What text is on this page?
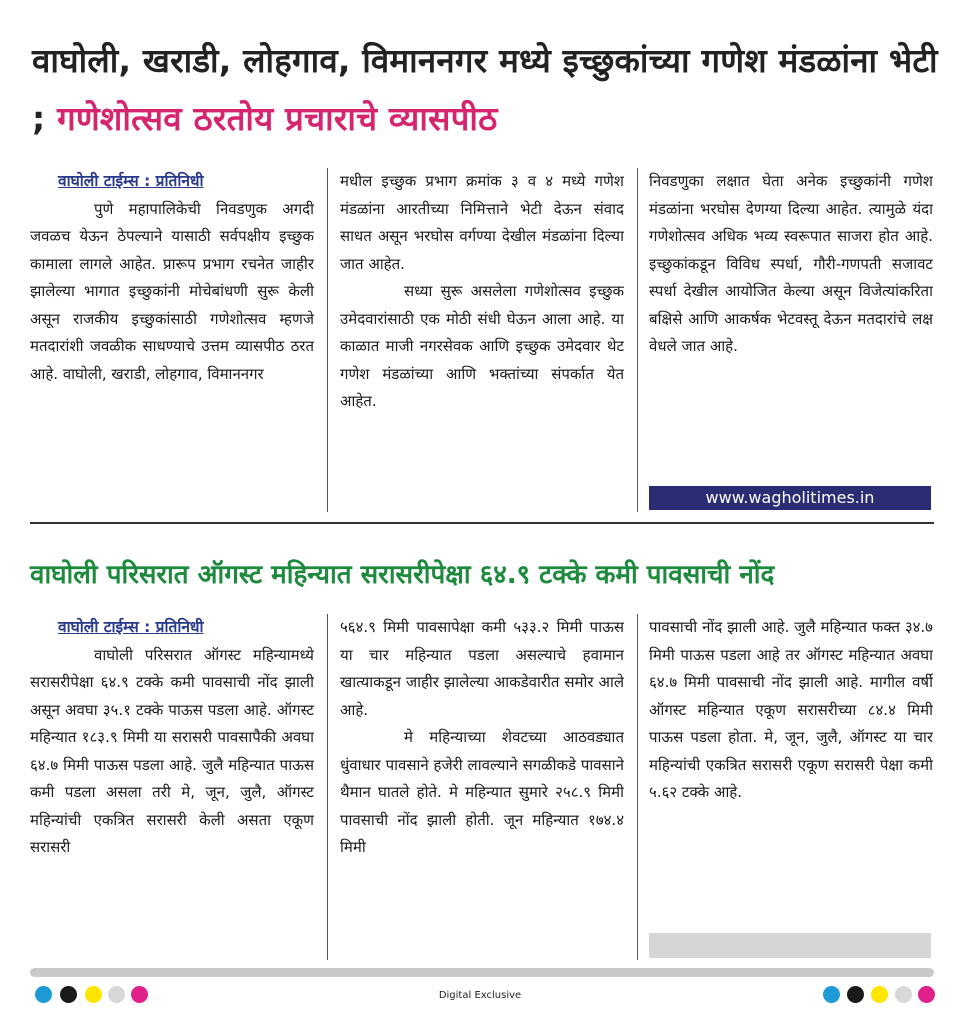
वाघोली, खराडी, लोहगाव, विमाननगर मध्ये इच्छुकांच्या गणेश मंडळांना भेटी ; गणेशोत्सव ठरतोय प्रचाराचे व्यासपीठ
वाघोली टाईम्स : प्रतिनिधी

पुणे महापालिकेची निवडणुक अगदी जवळच येऊन ठेपल्याने यासाठी सर्वपक्षीय इच्छुक कामाला लागले आहेत. प्रारूप प्रभाग रचनेत जाहीर झालेल्या भागात इच्छुकांनी मोचेबांधणी सुरू केली असून राजकीय इच्छुकांसाठी गणेशोत्सव म्हणजे मतदारांशी जवळीक साधण्याचे उत्तम व्यासपीठ ठरत आहे. वाघोली, खराडी, लोहगाव, विमाननगर

मधील इच्छुक प्रभाग क्रमांक ३ व ४ मध्ये गणेश मंडळांना आरतीच्या निमित्ताने भेटी देऊन संवाद साधत असून भरघोस वर्गण्या देखील मंडळांना दिल्या जात आहेत.

सध्या सुरू असलेला गणेशोत्सव इच्छुक उमेदवारांसाठी एक मोठी संधी घेऊन आला आहे. या काळात माजी नगरसेवक आणि इच्छुक उमेदवार थेट गणेश मंडळांच्या आणि भक्तांच्या संपर्कात येत आहेत.

निवडणुका लक्षात घेता अनेक इच्छुकांनी गणेश मंडळांना भरघोस देणग्या दिल्या आहेत. त्यामुळे यंदा गणेशोत्सव अधिक भव्य स्वरूपात साजरा होत आहे. इच्छुकांकडून विविध स्पर्धा, गौरी-गणपती सजावट स्पर्धा देखील आयोजित केल्या असून विजेत्यांकरिता बक्षिसे आणि आकर्षक भेटवस्तू देऊन मतदारांचे लक्ष वेधले जात आहे.

www.wagholitimes.in
वाघोली परिसरात ऑगस्ट महिन्यात सरासरीपेक्षा ६४.९ टक्के कमी पावसाची नोंद
वाघोली टाईम्स : प्रतिनिधी

वाघोली परिसरात ऑगस्ट महिन्यामध्ये सरासरीपेक्षा ६४.९ टक्के कमी पावसाची नोंद झाली असून अवघा ३५.१ टक्के पाऊस पडला आहे. ऑगस्ट महिन्यात १८३.९ मिमी या सरासरी पावसापैकी अवघा ६४.७ मिमी पाऊस पडला आहे. जुलै महिन्यात पाऊस कमी पडला असला तरी मे, जून, जुलै, ऑगस्ट महिन्यांची एकत्रित सरासरी केली असता एकूण सरासरी

५६४.९ मिमी पावसापेक्षा कमी ५३३.२ मिमी पाऊस या चार महिन्यात पडला असल्याचे हवामान खात्याकडून जाहीर झालेल्या आकडेवारीत समोर आले आहे.

मे महिन्याच्या शेवटच्या आठवड्यात धुंवाधार पावसाने हजेरी लावल्याने सगळीकडे पावसाने थैमान घातले होते. मे महिन्यात सुमारे २५८.९ मिमी पावसाची नोंद झाली होती. जून महिन्यात १७४.४ मिमी

पावसाची नोंद झाली आहे. जुलै महिन्यात फक्त ३४.७ मिमी पाऊस पडला आहे तर ऑगस्ट महिन्यात अवघा ६४.७ मिमी पावसाची नोंद झाली आहे. मागील वर्षी ऑगस्ट महिन्यात एकूण सरासरीच्या ८४.४ मिमी पाऊस पडला होता. मे, जून, जुलै, ऑगस्ट या चार महिन्यांची एकत्रित सरासरी एकूण सरासरी पेक्षा कमी ५.६२ टक्के आहे.

Digital Exclusive
